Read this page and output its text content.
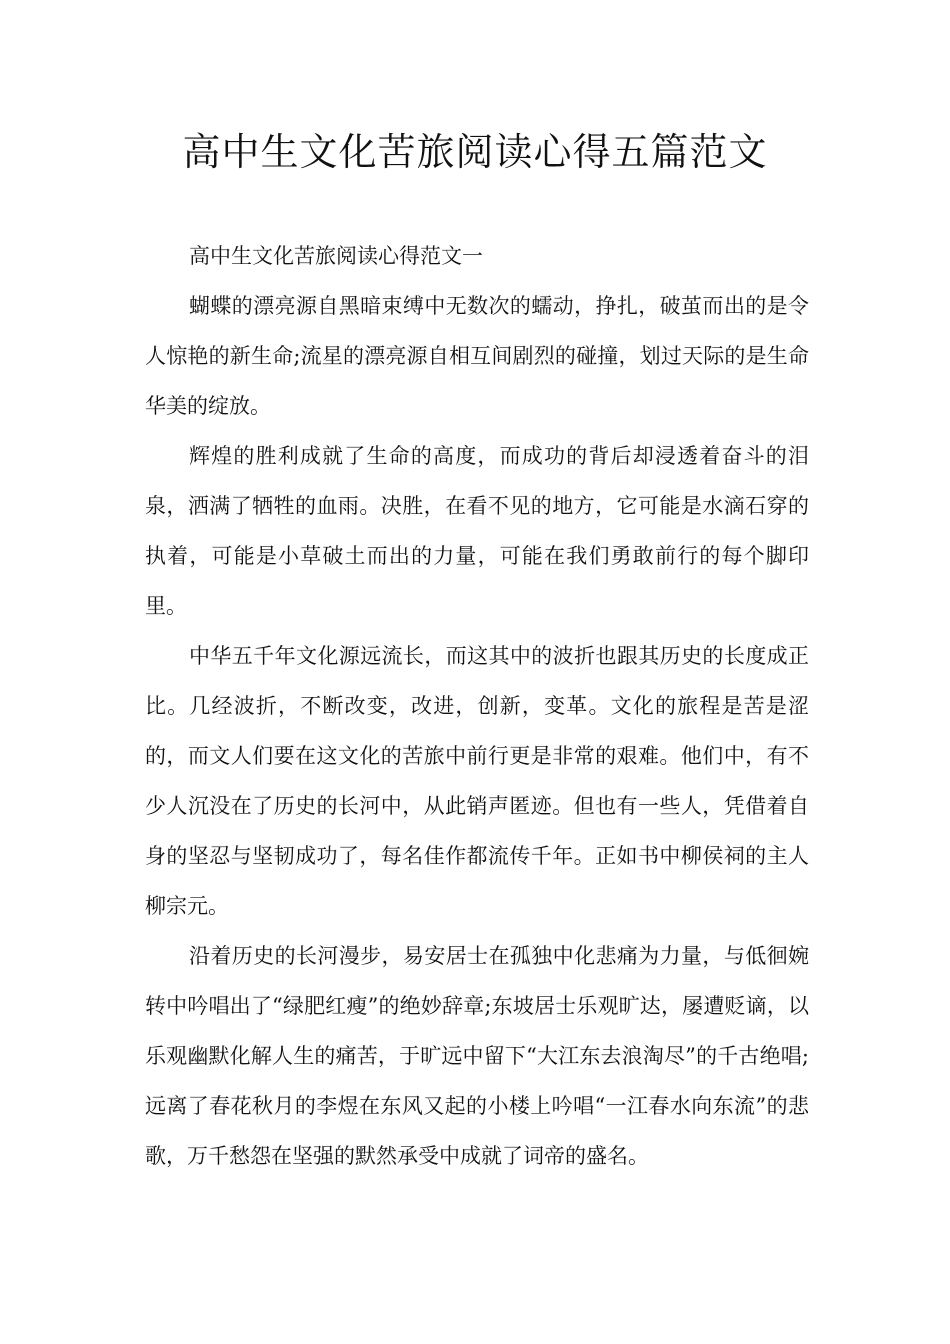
高中生文化苦旅阅读心得五篇范文

高中生文化苦旅阅读心得范文一

蝴蝶的漂亮源自黑暗束缚中无数次的蠕动，挣扎，破茧而出的是令人惊艳的新生命;流星的漂亮源自相互间剧烈的碰撞，划过天际的是生命华美的绽放。

辉煌的胜利成就了生命的高度，而成功的背后却浸透着奋斗的泪泉，洒满了牺牲的血雨。决胜，在看不见的地方，它可能是水滴石穿的执着，可能是小草破土而出的力量，可能在我们勇敢前行的每个脚印里。

中华五千年文化源远流长，而这其中的波折也跟其历史的长度成正比。几经波折，不断改变，改进，创新，变革。文化的旅程是苦是涩的，而文人们要在这文化的苦旅中前行更是非常的艰难。他们中，有不少人沉没在了历史的长河中，从此销声匿迹。但也有一些人，凭借着自身的坚忍与坚韧成功了，每名佳作都流传千年。正如书中柳侯祠的主人柳宗元。

沿着历史的长河漫步，易安居士在孤独中化悲痛为力量，与低徊婉转中吟唱出了“绿肥红瘦”的绝妙辞章;东坡居士乐观旷达，屡遭贬谪，以乐观幽默化解人生的痛苦，于旷远中留下“大江东去浪淘尽”的千古绝唱;远离了春花秋月的李煜在东风又起的小楼上吟唱“一江春水向东流”的悲歌，万千愁怨在坚强的默然承受中成就了词帝的盛名。
